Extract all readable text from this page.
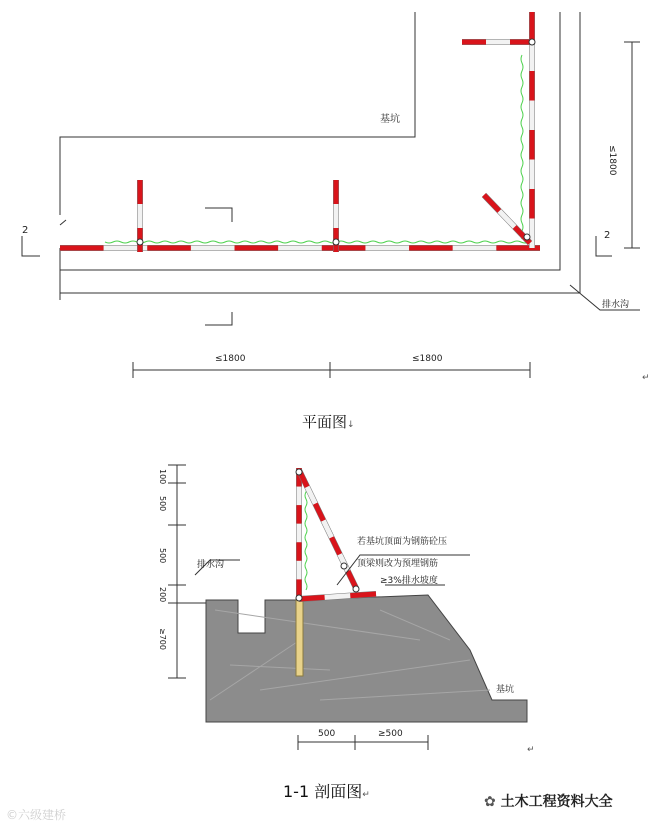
基坑
排水沟
≤1800	≤1800
≤1800
2	2
排水沟
基坑
若基坑顶面为钢筋砼压
顶梁则改为预埋钢筋
≥3%排水坡度
100
500
500
200
≥700
500	≥500
平面图↓
1-1 剖面图↵
↵
↵
©六级建桥
✿ 土木工程资料大全
